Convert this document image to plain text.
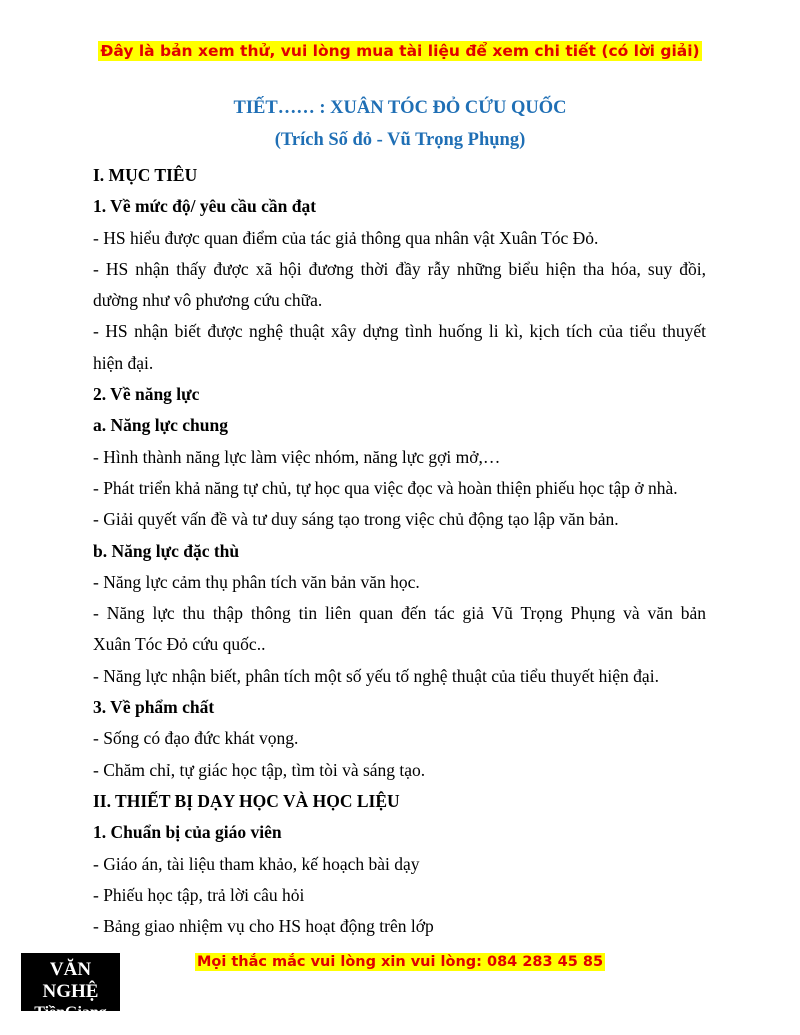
Đây là bản xem thử, vui lòng mua tài liệu để xem chi tiết (có lời giải)
TIẾT…… : XUÂN TÓC ĐỎ CỨU QUỐC
(Trích Số đỏ - Vũ Trọng Phụng)
I. MỤC TIÊU
1. Về mức độ/ yêu cầu cần đạt
- HS hiểu được quan điểm của tác giả thông qua nhân vật Xuân Tóc Đỏ.
- HS nhận thấy được xã hội đương thời đầy rẫy những biểu hiện tha hóa, suy đồi,
dường như vô phương cứu chữa.
- HS nhận biết được nghệ thuật xây dựng tình huống li kì, kịch tích của tiểu thuyết
hiện đại.
2. Về năng lực
a. Năng lực chung
- Hình thành năng lực làm việc nhóm, năng lực gợi mở,…
- Phát triển khả năng tự chủ, tự học qua việc đọc và hoàn thiện phiếu học tập ở nhà.
- Giải quyết vấn đề và tư duy sáng tạo trong việc chủ động tạo lập văn bản.
b. Năng lực đặc thù
- Năng lực cảm thụ phân tích văn bản văn học.
- Năng lực thu thập thông tin liên quan đến tác giả Vũ Trọng Phụng và văn bản
Xuân Tóc Đỏ cứu quốc..
- Năng lực nhận biết, phân tích một số yếu tố nghệ thuật của tiểu thuyết hiện đại.
3. Về phẩm chất
- Sống có đạo đức khát vọng.
- Chăm chỉ, tự giác học tập, tìm tòi và sáng tạo.
II. THIẾT BỊ DẠY HỌC VÀ HỌC LIỆU
1. Chuẩn bị của giáo viên
- Giáo án, tài liệu tham khảo, kế hoạch bài dạy
- Phiếu học tập, trả lời câu hỏi
- Bảng giao nhiệm vụ cho HS hoạt động trên lớp
VĂN NGHỆ
TiềnGiang
Mọi thắc mắc vui lòng xin vui lòng: 084 283 45 85
